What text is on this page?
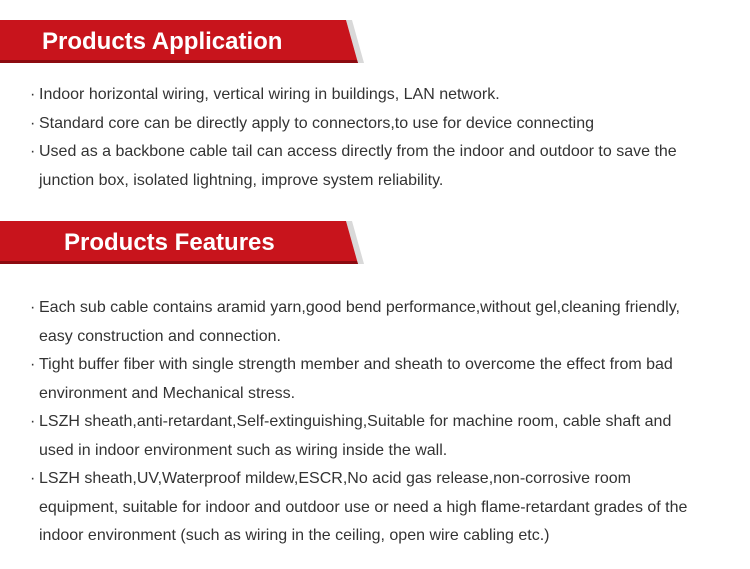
Products Application
· Indoor horizontal wiring, vertical wiring in buildings, LAN network.
· Standard core can be directly apply to connectors,to use for device connecting
· Used as a backbone cable tail can access directly from the indoor and outdoor to save the
junction box, isolated lightning, improve system reliability.
Products Features
· Each sub cable contains aramid yarn,good bend performance,without gel,cleaning friendly,
easy construction and connection.
· Tight buffer fiber with single strength member and sheath to overcome the effect from bad
environment and Mechanical stress.
· LSZH sheath,anti-retardant,Self-extinguishing,Suitable for machine room, cable shaft and
used in indoor environment such as wiring inside the wall.
· LSZH sheath,UV,Waterproof mildew,ESCR,No acid gas release,non-corrosive room
equipment, suitable for indoor and outdoor use or need a high flame-retardant grades of the
indoor environment (such as wiring in the ceiling, open wire cabling etc.)
